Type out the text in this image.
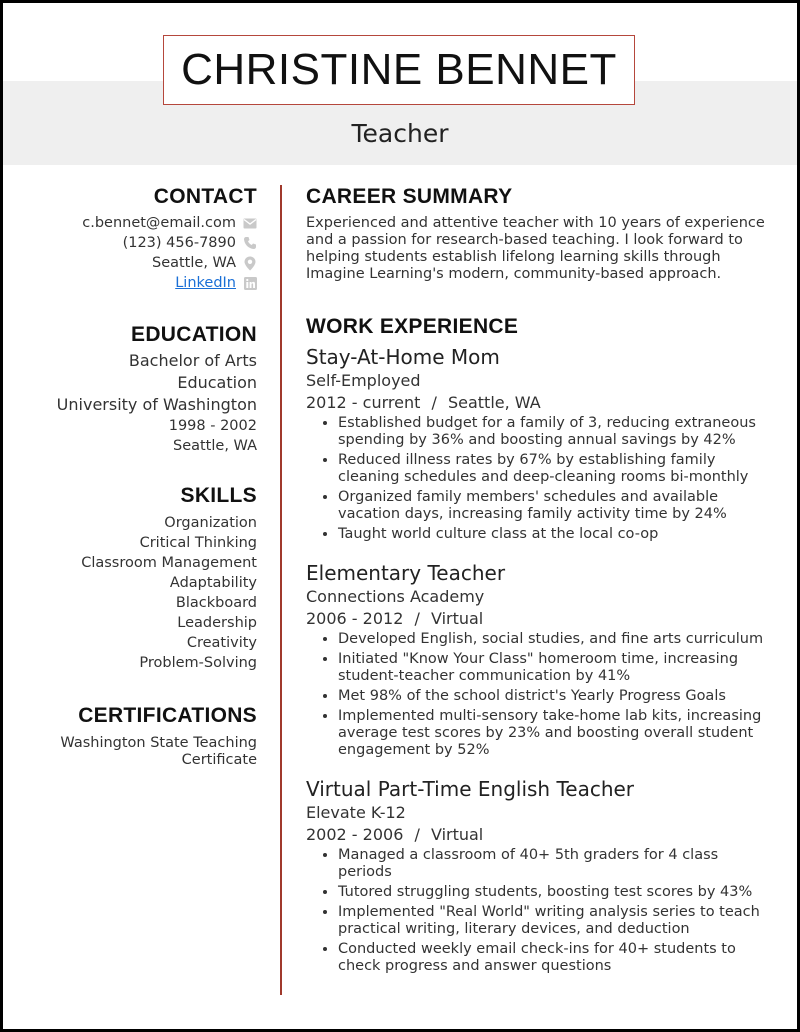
CHRISTINE BENNET
Teacher
CONTACT
c.bennet@email.com
(123) 456-7890
Seattle, WA
LinkedIn
EDUCATION
Bachelor of Arts
Education
University of Washington
1998 - 2002
Seattle, WA
SKILLS
Organization
Critical Thinking
Classroom Management
Adaptability
Blackboard
Leadership
Creativity
Problem-Solving
CERTIFICATIONS
Washington State Teaching Certificate
CAREER SUMMARY

Experienced and attentive teacher with 10 years of experience and a passion for research-based teaching. I look forward to helping students establish lifelong learning skills through Imagine Learning's modern, community-based approach.

WORK EXPERIENCE
Stay-At-Home Mom
Self-Employed
2012 - current / Seattle, WA
• Established budget for a family of 3, reducing extraneous spending by 36% and boosting annual savings by 42%
• Reduced illness rates by 67% by establishing family cleaning schedules and deep-cleaning rooms bi-monthly
• Organized family members' schedules and available vacation days, increasing family activity time by 24%
• Taught world culture class at the local co-op
Elementary Teacher
Connections Academy
2006 - 2012 / Virtual
• Developed English, social studies, and fine arts curriculum
• Initiated "Know Your Class" homeroom time, increasing student-teacher communication by 41%
• Met 98% of the school district's Yearly Progress Goals
• Implemented multi-sensory take-home lab kits, increasing average test scores by 23% and boosting overall student engagement by 52%
Virtual Part-Time English Teacher
Elevate K-12
2002 - 2006 / Virtual
• Managed a classroom of 40+ 5th graders for 4 class periods
• Tutored struggling students, boosting test scores by 43%
• Implemented "Real World" writing analysis series to teach practical writing, literary devices, and deduction
• Conducted weekly email check-ins for 40+ students to check progress and answer questions
